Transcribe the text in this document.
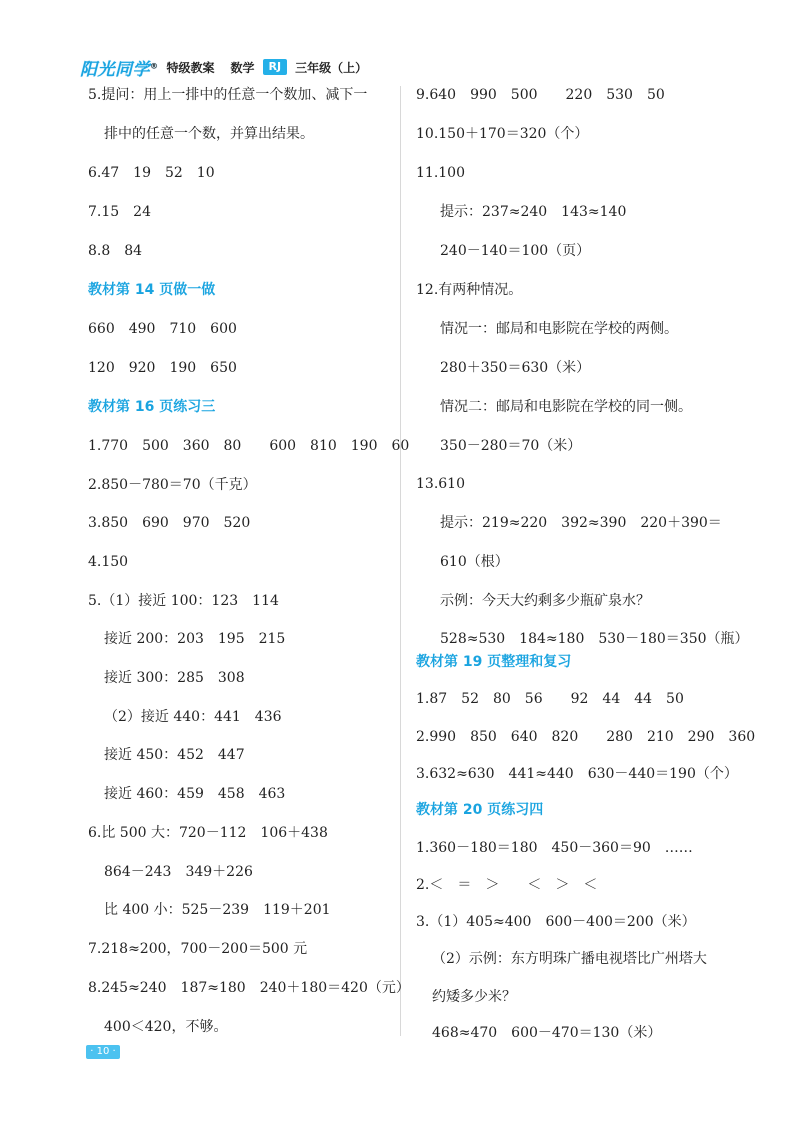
阳光同学® 特级教案 数学	RJ	三年级（上）
5.提问：用上一排中的任意一个数加、减下一
排中的任意一个数，并算出结果。
6.47　19　52　10
7.15　24
8.8　84
教材第 14 页做一做
660　490　710　600
120　920　190　650
教材第 16 页练习三
1.770　500　360　80　　600　810　190　60
2.850－780＝70（千克）
3.850　690　970　520
4.150
5.（1）接近 100：123　114
接近 200：203　195　215
接近 300：285　308
（2）接近 440：441　436
接近 450：452　447
接近 460：459　458　463
6.比 500 大：720－112　106＋438
864－243　349＋226
比 400 小：525－239　119＋201
7.218≈200，700－200＝500 元
8.245≈240　187≈180　240＋180＝420（元）
400＜420，不够。
9.640　990　500　　220　530　50
10.150＋170＝320（个）
11.100
提示：237≈240　143≈140
240－140＝100（页）
12.有两种情况。
情况一：邮局和电影院在学校的两侧。
280＋350＝630（米）
情况二：邮局和电影院在学校的同一侧。
350－280＝70（米）
13.610
提示：219≈220　392≈390　220＋390＝
610（根）
示例：今天大约剩多少瓶矿泉水？
528≈530　184≈180　530－180＝350（瓶）
教材第 19 页整理和复习
1.87　52　80　56　　92　44　44　50
2.990　850　640　820　　280　210　290　360
3.632≈630　441≈440　630－440＝190（个）
教材第 20 页练习四
1.360－180＝180　450－360＝90　……
2.＜　＝　＞　　＜　＞　＜
3.（1）405≈400　600－400＝200（米）
（2）示例：东方明珠广播电视塔比广州塔大
约矮多少米？
468≈470　600－470＝130（米）
· 10 ·
